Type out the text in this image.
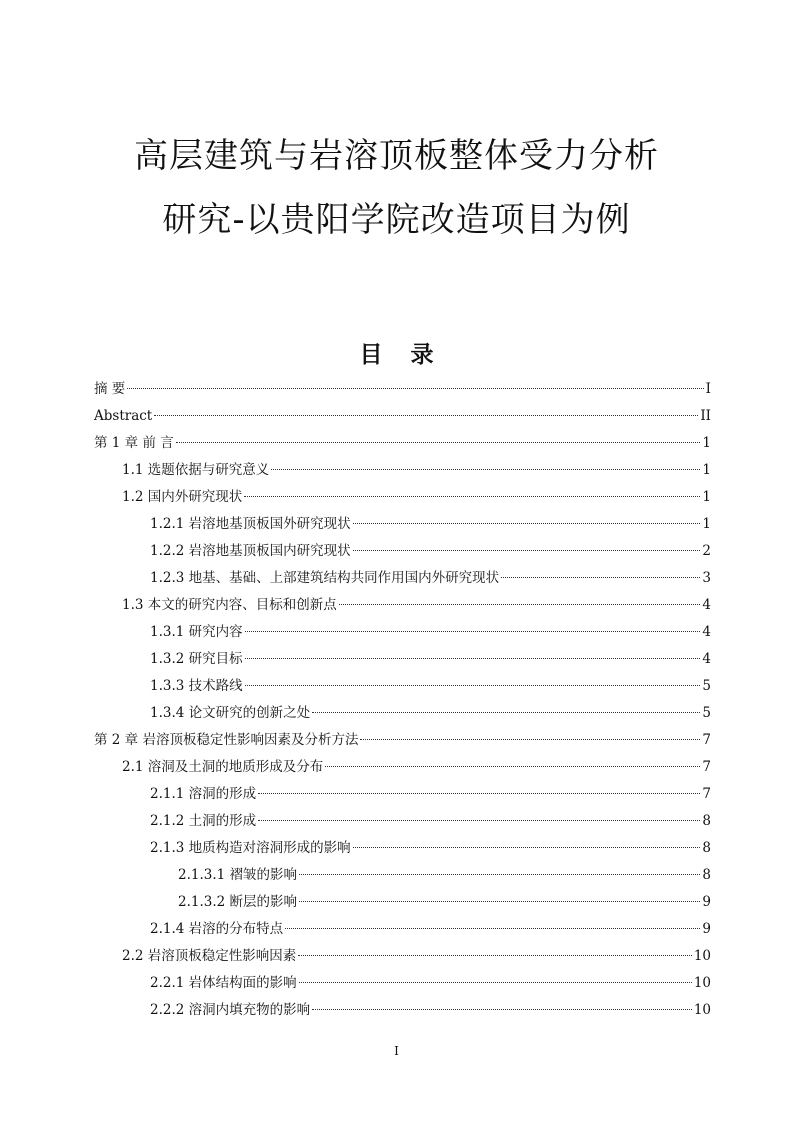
高层建筑与岩溶顶板整体受力分析
研究-以贵阳学院改造项目为例
目录
摘 要	I
Abstract	II
第 1 章 前 言	1
1.1 选题依据与研究意义	1
1.2 国内外研究现状	1
1.2.1 岩溶地基顶板国外研究现状	1
1.2.2 岩溶地基顶板国内研究现状	2
1.2.3 地基、基础、上部建筑结构共同作用国内外研究现状	3
1.3 本文的研究内容、目标和创新点	4
1.3.1 研究内容	4
1.3.2 研究目标	4
1.3.3 技术路线	5
1.3.4 论文研究的创新之处	5
第 2 章 岩溶顶板稳定性影响因素及分析方法	7
2.1 溶洞及土洞的地质形成及分布	7
2.1.1 溶洞的形成	7
2.1.2 土洞的形成	8
2.1.3 地质构造对溶洞形成的影响	8
2.1.3.1 褶皱的影响	8
2.1.3.2 断层的影响	9
2.1.4 岩溶的分布特点	9
2.2 岩溶顶板稳定性影响因素	10
2.2.1 岩体结构面的影响	10
2.2.2 溶洞内填充物的影响	10
I
